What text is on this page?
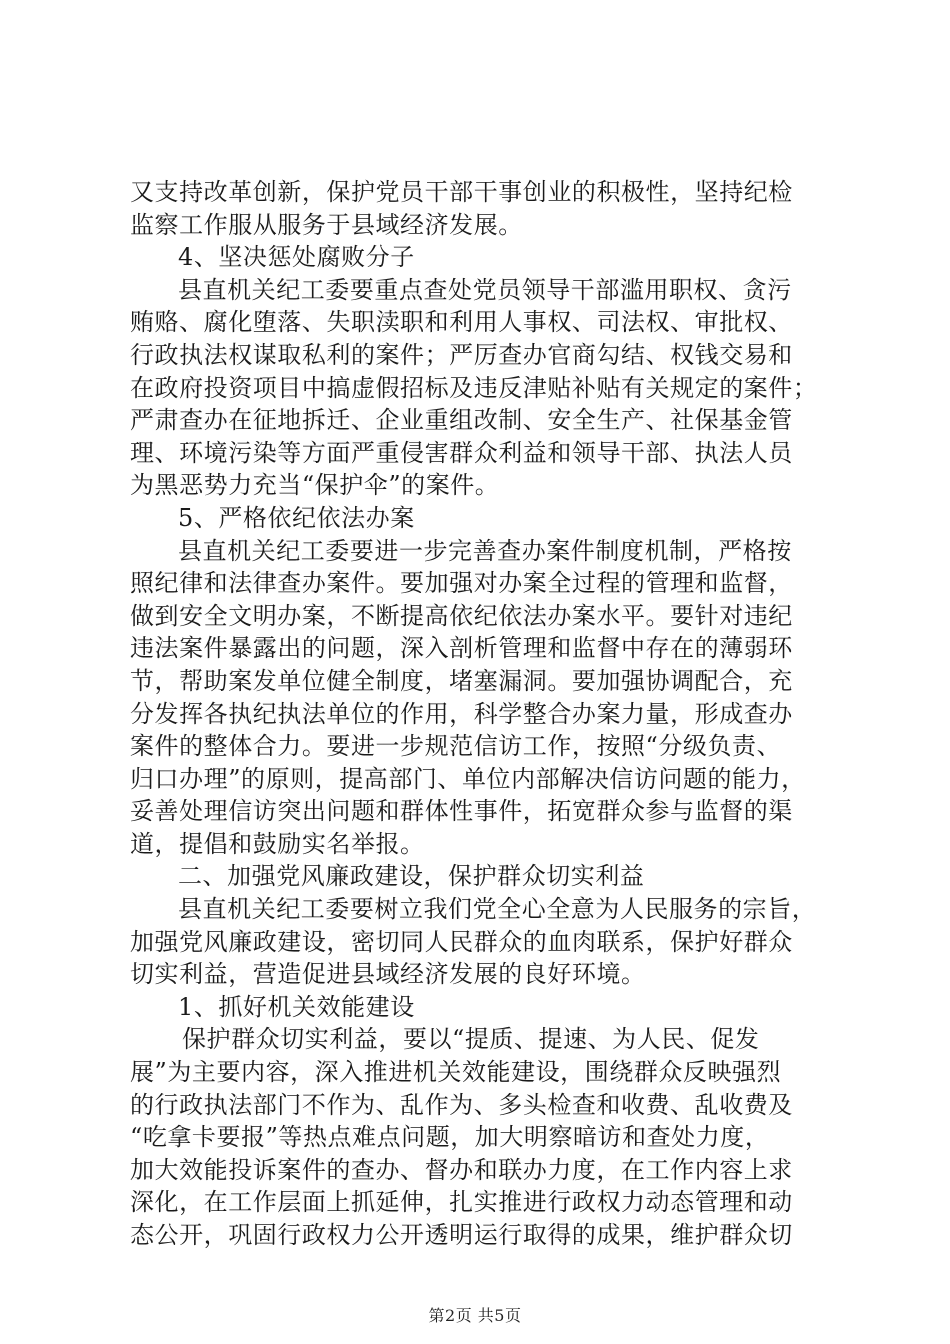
又支持改革创新，保护党员干部干事创业的积极性，坚持纪检
监察工作服从服务于县域经济发展。
4、坚决惩处腐败分子
县直机关纪工委要重点查处党员领导干部滥用职权、贪污
贿赂、腐化堕落、失职渎职和利用人事权、司法权、审批权、
行政执法权谋取私利的案件；严厉查办官商勾结、权钱交易和
在政府投资项目中搞虚假招标及违反津贴补贴有关规定的案件；
严肃查办在征地拆迁、企业重组改制、安全生产、社保基金管
理、环境污染等方面严重侵害群众利益和领导干部、执法人员
为黑恶势力充当“保护伞”的案件。
5、严格依纪依法办案
县直机关纪工委要进一步完善查办案件制度机制，严格按
照纪律和法律查办案件。要加强对办案全过程的管理和监督，
做到安全文明办案，不断提高依纪依法办案水平。要针对违纪
违法案件暴露出的问题，深入剖析管理和监督中存在的薄弱环
节，帮助案发单位健全制度，堵塞漏洞。要加强协调配合，充
分发挥各执纪执法单位的作用，科学整合办案力量，形成查办
案件的整体合力。要进一步规范信访工作，按照“分级负责、
归口办理”的原则，提高部门、单位内部解决信访问题的能力，
妥善处理信访突出问题和群体性事件，拓宽群众参与监督的渠
道，提倡和鼓励实名举报。
二、加强党风廉政建设，保护群众切实利益
县直机关纪工委要树立我们党全心全意为人民服务的宗旨，
加强党风廉政建设，密切同人民群众的血肉联系，保护好群众
切实利益，营造促进县域经济发展的良好环境。
1、抓好机关效能建设
保护群众切实利益，要以“提质、提速、为人民、促发
展”为主要内容，深入推进机关效能建设，围绕群众反映强烈
的行政执法部门不作为、乱作为、多头检查和收费、乱收费及
“吃拿卡要报”等热点难点问题，加大明察暗访和查处力度，
加大效能投诉案件的查办、督办和联办力度，在工作内容上求
深化，在工作层面上抓延伸，扎实推进行政权力动态管理和动
态公开，巩固行政权力公开透明运行取得的成果，维护群众切
第2页 共5页
